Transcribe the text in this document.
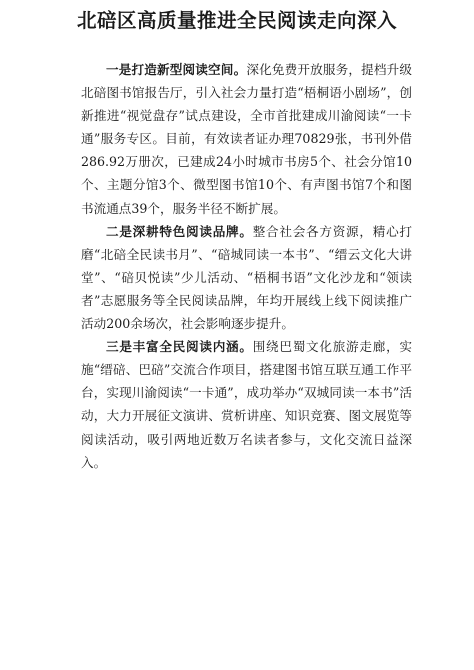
北碚区高质量推进全民阅读走向深入

一是打造新型阅读空间。深化免费开放服务，提档升级北碚图书馆报告厅，引入社会力量打造“梧桐语小剧场”，创新推进“视觉盘存”试点建设，全市首批建成川渝阅读“一卡通”服务专区。目前，有效读者证办理70829张，书刊外借286.92万册次，已建成24小时城市书房5个、社会分馆10个、主题分馆3个、微型图书馆10个、有声图书馆7个和图书流通点39个，服务半径不断扩展。

二是深耕特色阅读品牌。整合社会各方资源，精心打磨“北碚全民读书月”、“碚城同读一本书”、“缙云文化大讲堂”、“碚贝悦读”少儿活动、“梧桐书语”文化沙龙和“领读者”志愿服务等全民阅读品牌，年均开展线上线下阅读推广活动200余场次，社会影响逐步提升。

三是丰富全民阅读内涵。围绕巴蜀文化旅游走廊，实施“缙碚、巴碚”交流合作项目，搭建图书馆互联互通工作平台，实现川渝阅读“一卡通”，成功举办“双城同读一本书”活动，大力开展征文演讲、赏析讲座、知识竞赛、图文展览等阅读活动，吸引两地近数万名读者参与，文化交流日益深入。
